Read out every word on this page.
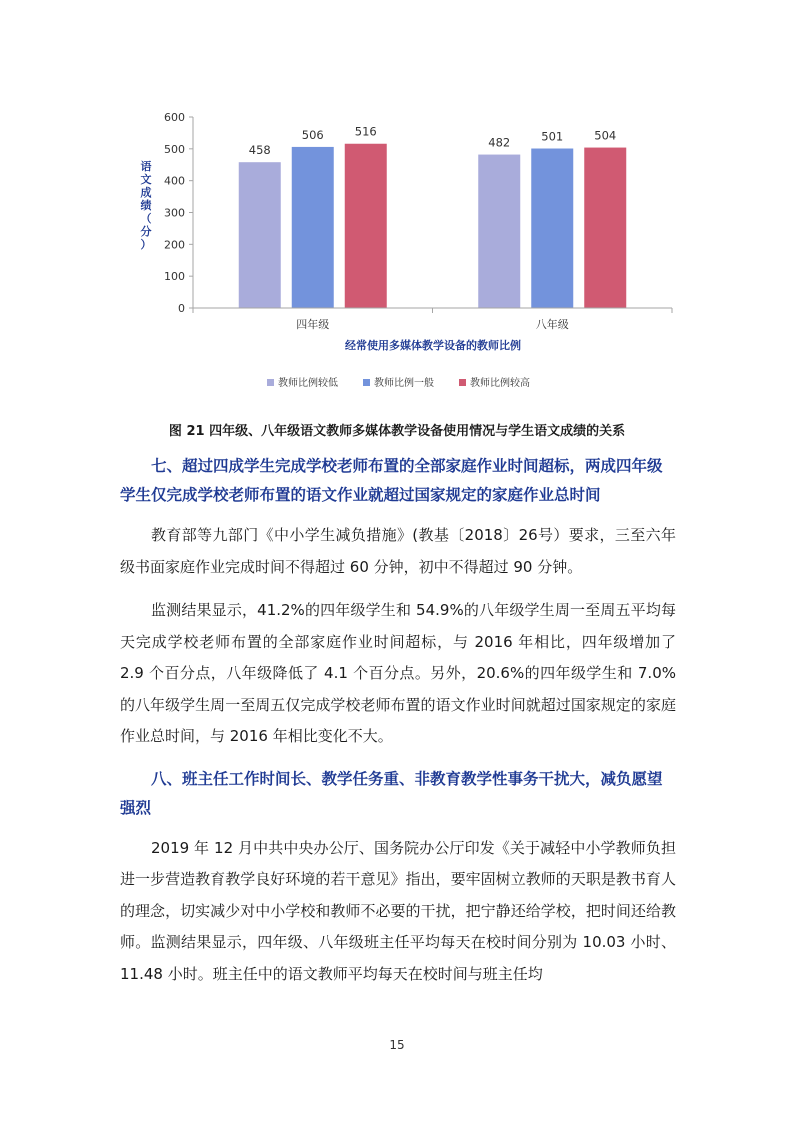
0
100
200
300
400
500
600
458
506	516
482	501	504
四年级	八年级
语
文
成
绩
（
分
）
经常使用多媒体教学设备的教师比例
教师比例较低	教师比例一般	教师比例较高
图 21 四年级、八年级语文教师多媒体教学设备使用情况与学生语文成绩的关系

七、超过四成学生完成学校老师布置的全部家庭作业时间超标，两成四年级学生仅完成学校老师布置的语文作业就超过国家规定的家庭作业总时间

教育部等九部门《中小学生减负措施》(教基〔2018〕26号）要求，三至六年级书面家庭作业完成时间不得超过 60 分钟，初中不得超过 90 分钟。

监测结果显示，41.2%的四年级学生和 54.9%的八年级学生周一至周五平均每天完成学校老师布置的全部家庭作业时间超标，与 2016 年相比，四年级增加了 2.9 个百分点，八年级降低了 4.1 个百分点。另外，20.6%的四年级学生和 7.0%的八年级学生周一至周五仅完成学校老师布置的语文作业时间就超过国家规定的家庭作业总时间，与 2016 年相比变化不大。

八、班主任工作时间长、教学任务重、非教育教学性事务干扰大，减负愿望强烈

2019 年 12 月中共中央办公厅、国务院办公厅印发《关于减轻中小学教师负担进一步营造教育教学良好环境的若干意见》指出，要牢固树立教师的天职是教书育人的理念，切实减少对中小学校和教师不必要的干扰，把宁静还给学校，把时间还给教师。监测结果显示，四年级、八年级班主任平均每天在校时间分别为 10.03 小时、11.48 小时。班主任中的语文教师平均每天在校时间与班主任均

15
